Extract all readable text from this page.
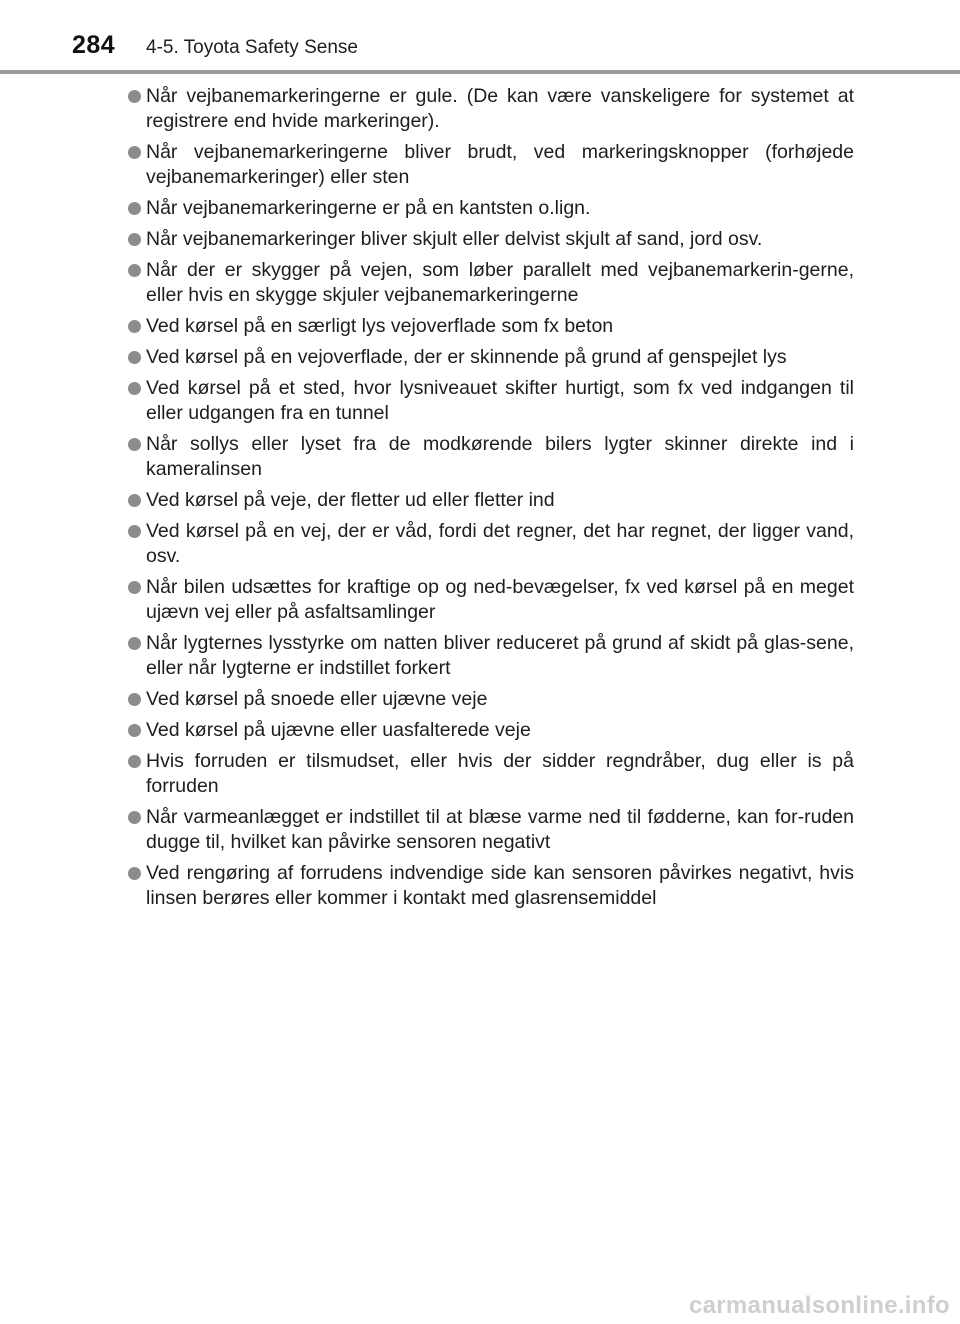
284 4-5. Toyota Safety Sense
Når vejbanemarkeringerne er gule. (De kan være vanskeligere for systemet at registrere end hvide markeringer).
Når vejbanemarkeringerne bliver brudt, ved markeringsknopper (forhøjede vejbanemarkeringer) eller sten
Når vejbanemarkeringerne er på en kantsten o.lign.
Når vejbanemarkeringer bliver skjult eller delvist skjult af sand, jord osv.
Når der er skygger på vejen, som løber parallelt med vejbanemarkerin-gerne, eller hvis en skygge skjuler vejbanemarkeringerne
Ved kørsel på en særligt lys vejoverflade som fx beton
Ved kørsel på en vejoverflade, der er skinnende på grund af genspejlet lys
Ved kørsel på et sted, hvor lysniveauet skifter hurtigt, som fx ved indgangen til eller udgangen fra en tunnel
Når sollys eller lyset fra de modkørende bilers lygter skinner direkte ind i kameralinsen
Ved kørsel på veje, der fletter ud eller fletter ind
Ved kørsel på en vej, der er våd, fordi det regner, det har regnet, der ligger vand, osv.
Når bilen udsættes for kraftige op og ned-bevægelser, fx ved kørsel på en meget ujævn vej eller på asfaltsamlinger
Når lygternes lysstyrke om natten bliver reduceret på grund af skidt på glas-sene, eller når lygterne er indstillet forkert
Ved kørsel på snoede eller ujævne veje
Ved kørsel på ujævne eller uasfalterede veje
Hvis forruden er tilsmudset, eller hvis der sidder regndråber, dug eller is på forruden
Når varmeanlægget er indstillet til at blæse varme ned til fødderne, kan for-ruden dugge til, hvilket kan påvirke sensoren negativt
Ved rengøring af forrudens indvendige side kan sensoren påvirkes negativt, hvis linsen berøres eller kommer i kontakt med glasrensemiddel
carmanualsonline.info
